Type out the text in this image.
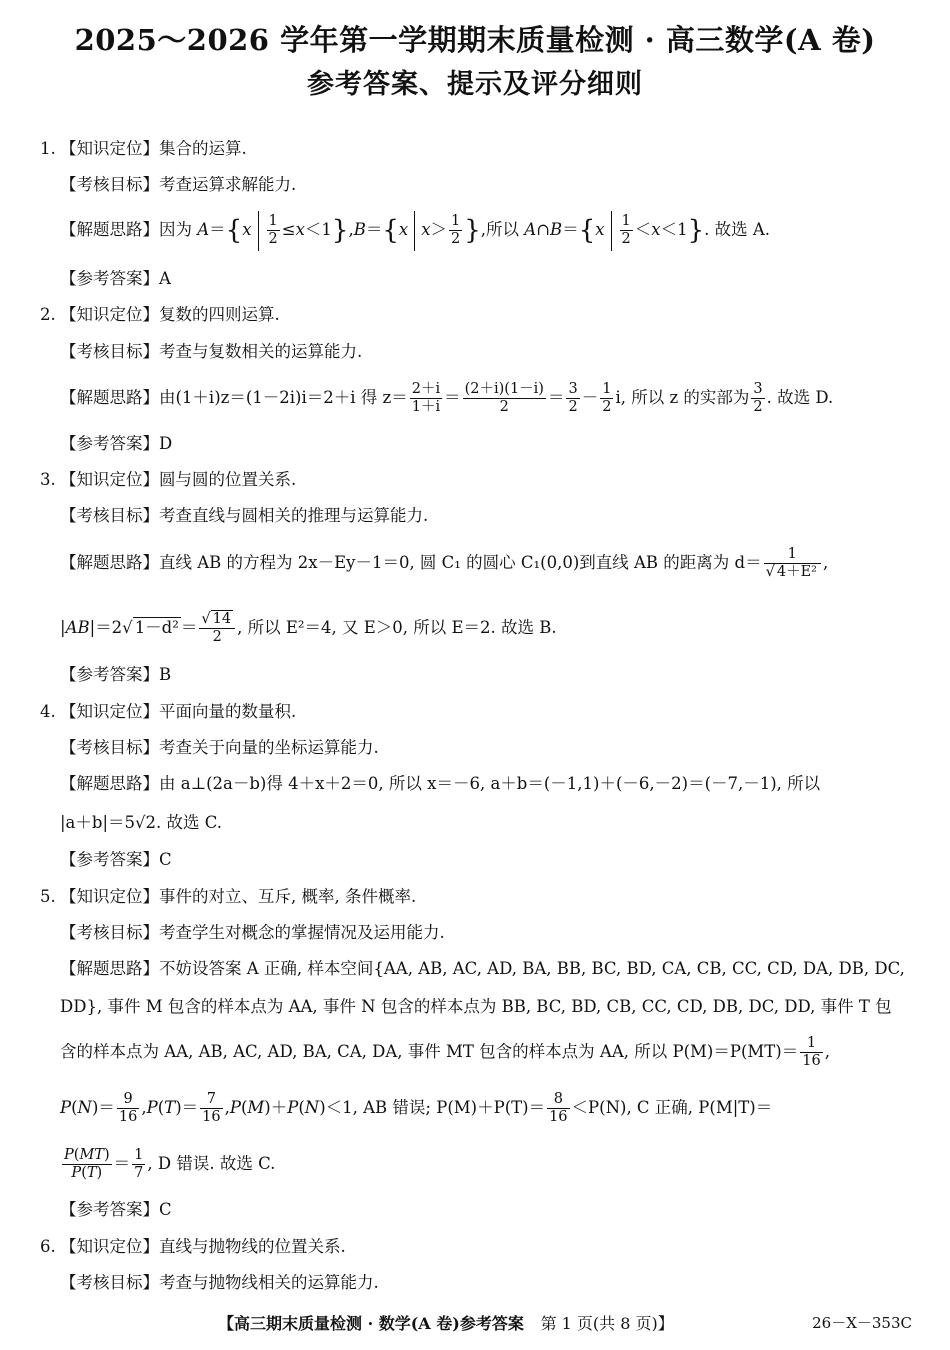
2025～2026 学年第一学期期末质量检测 · 高三数学(A 卷)
参考答案、提示及评分细则
1. 【知识定位】集合的运算.
【考核目标】考查运算求解能力.
【解题思路】因为 $A=\{x \frac{1}{2} \le x<1\},B=\{x$ $x> \frac{1}{2}$ },所以 A∩B＝{x $\frac{1}{2} <x<1$}. 故选 A.
【参考答案】A
2. 【知识定位】复数的四则运算.
【考核目标】考查与复数相关的运算能力.
【解题思路】由(1＋i)z＝(1－2i)i＝2＋i 得 $z= \frac{2+i}{1+i} = \frac{(2+i)(1-i)}{2} = \frac{3}{2} - \frac{1}{2} i$, 所以 z 的实部为 $\frac{3}{2}$ . 故选 D.
【参考答案】D
3. 【知识定位】圆与圆的位置关系.
【考核目标】考查直线与圆相关的推理与运算能力.
【解题思路】直线 AB 的方程为 2x－Ey－1＝0, 圆 C₁ 的圆心 C₁(0,0)到直线 AB 的距离为 $d= \frac{1}{\text{√ 4＋E²}}$ ,
|AB|＝2√ $1-d^2 = \frac{√ 14}{2}$ , 所以 E²＝4, 又 E＞0, 所以 E＝2. 故选 B.
【参考答案】B
4. 【知识定位】平面向量的数量积.
【考核目标】考查关于向量的坐标运算能力.
【解题思路】由 a⊥(2a－b)得 4＋x＋2＝0, 所以 x＝－6, a＋b＝(－1,1)＋(－6,－2)＝(－7,－1), 所以
|a＋b|＝5√2. 故选 C.
【参考答案】C
5. 【知识定位】事件的对立、互斥, 概率, 条件概率.
【考核目标】考查学生对概念的掌握情况及运用能力.
【解题思路】不妨设答案 A 正确, 样本空间{AA, AB, AC, AD, BA, BB, BC, BD, CA, CB, CC, CD, DA, DB, DC,
DD}, 事件 M 包含的样本点为 AA, 事件 N 包含的样本点为 BB, BC, BD, CB, CC, CD, DB, DC, DD, 事件 T 包
含的样本点为 AA, AB, AC, AD, BA, CA, DA, 事件 MT 包含的样本点为 AA, 所以 $P(M)=P(MT)= \frac{1}{16}$ ,
$P(N)= \frac{9}{16} ,P(T)= \frac{7}{16} ,P(M)+P(N)<1$, AB 错误; $P(M)+P(T)= \frac{8}{16} <P(N)$, C 正确, P(M|T)＝
$\frac{P(MT)}{P(T)} = \frac{1}{7}$ , D 错误. 故选 C.
【参考答案】C
6. 【知识定位】直线与抛物线的位置关系.
【考核目标】考查与抛物线相关的运算能力.
【高三期末质量检测 · 数学(A 卷)参考答案 第 1 页(共 8 页)】	26－X－353C
